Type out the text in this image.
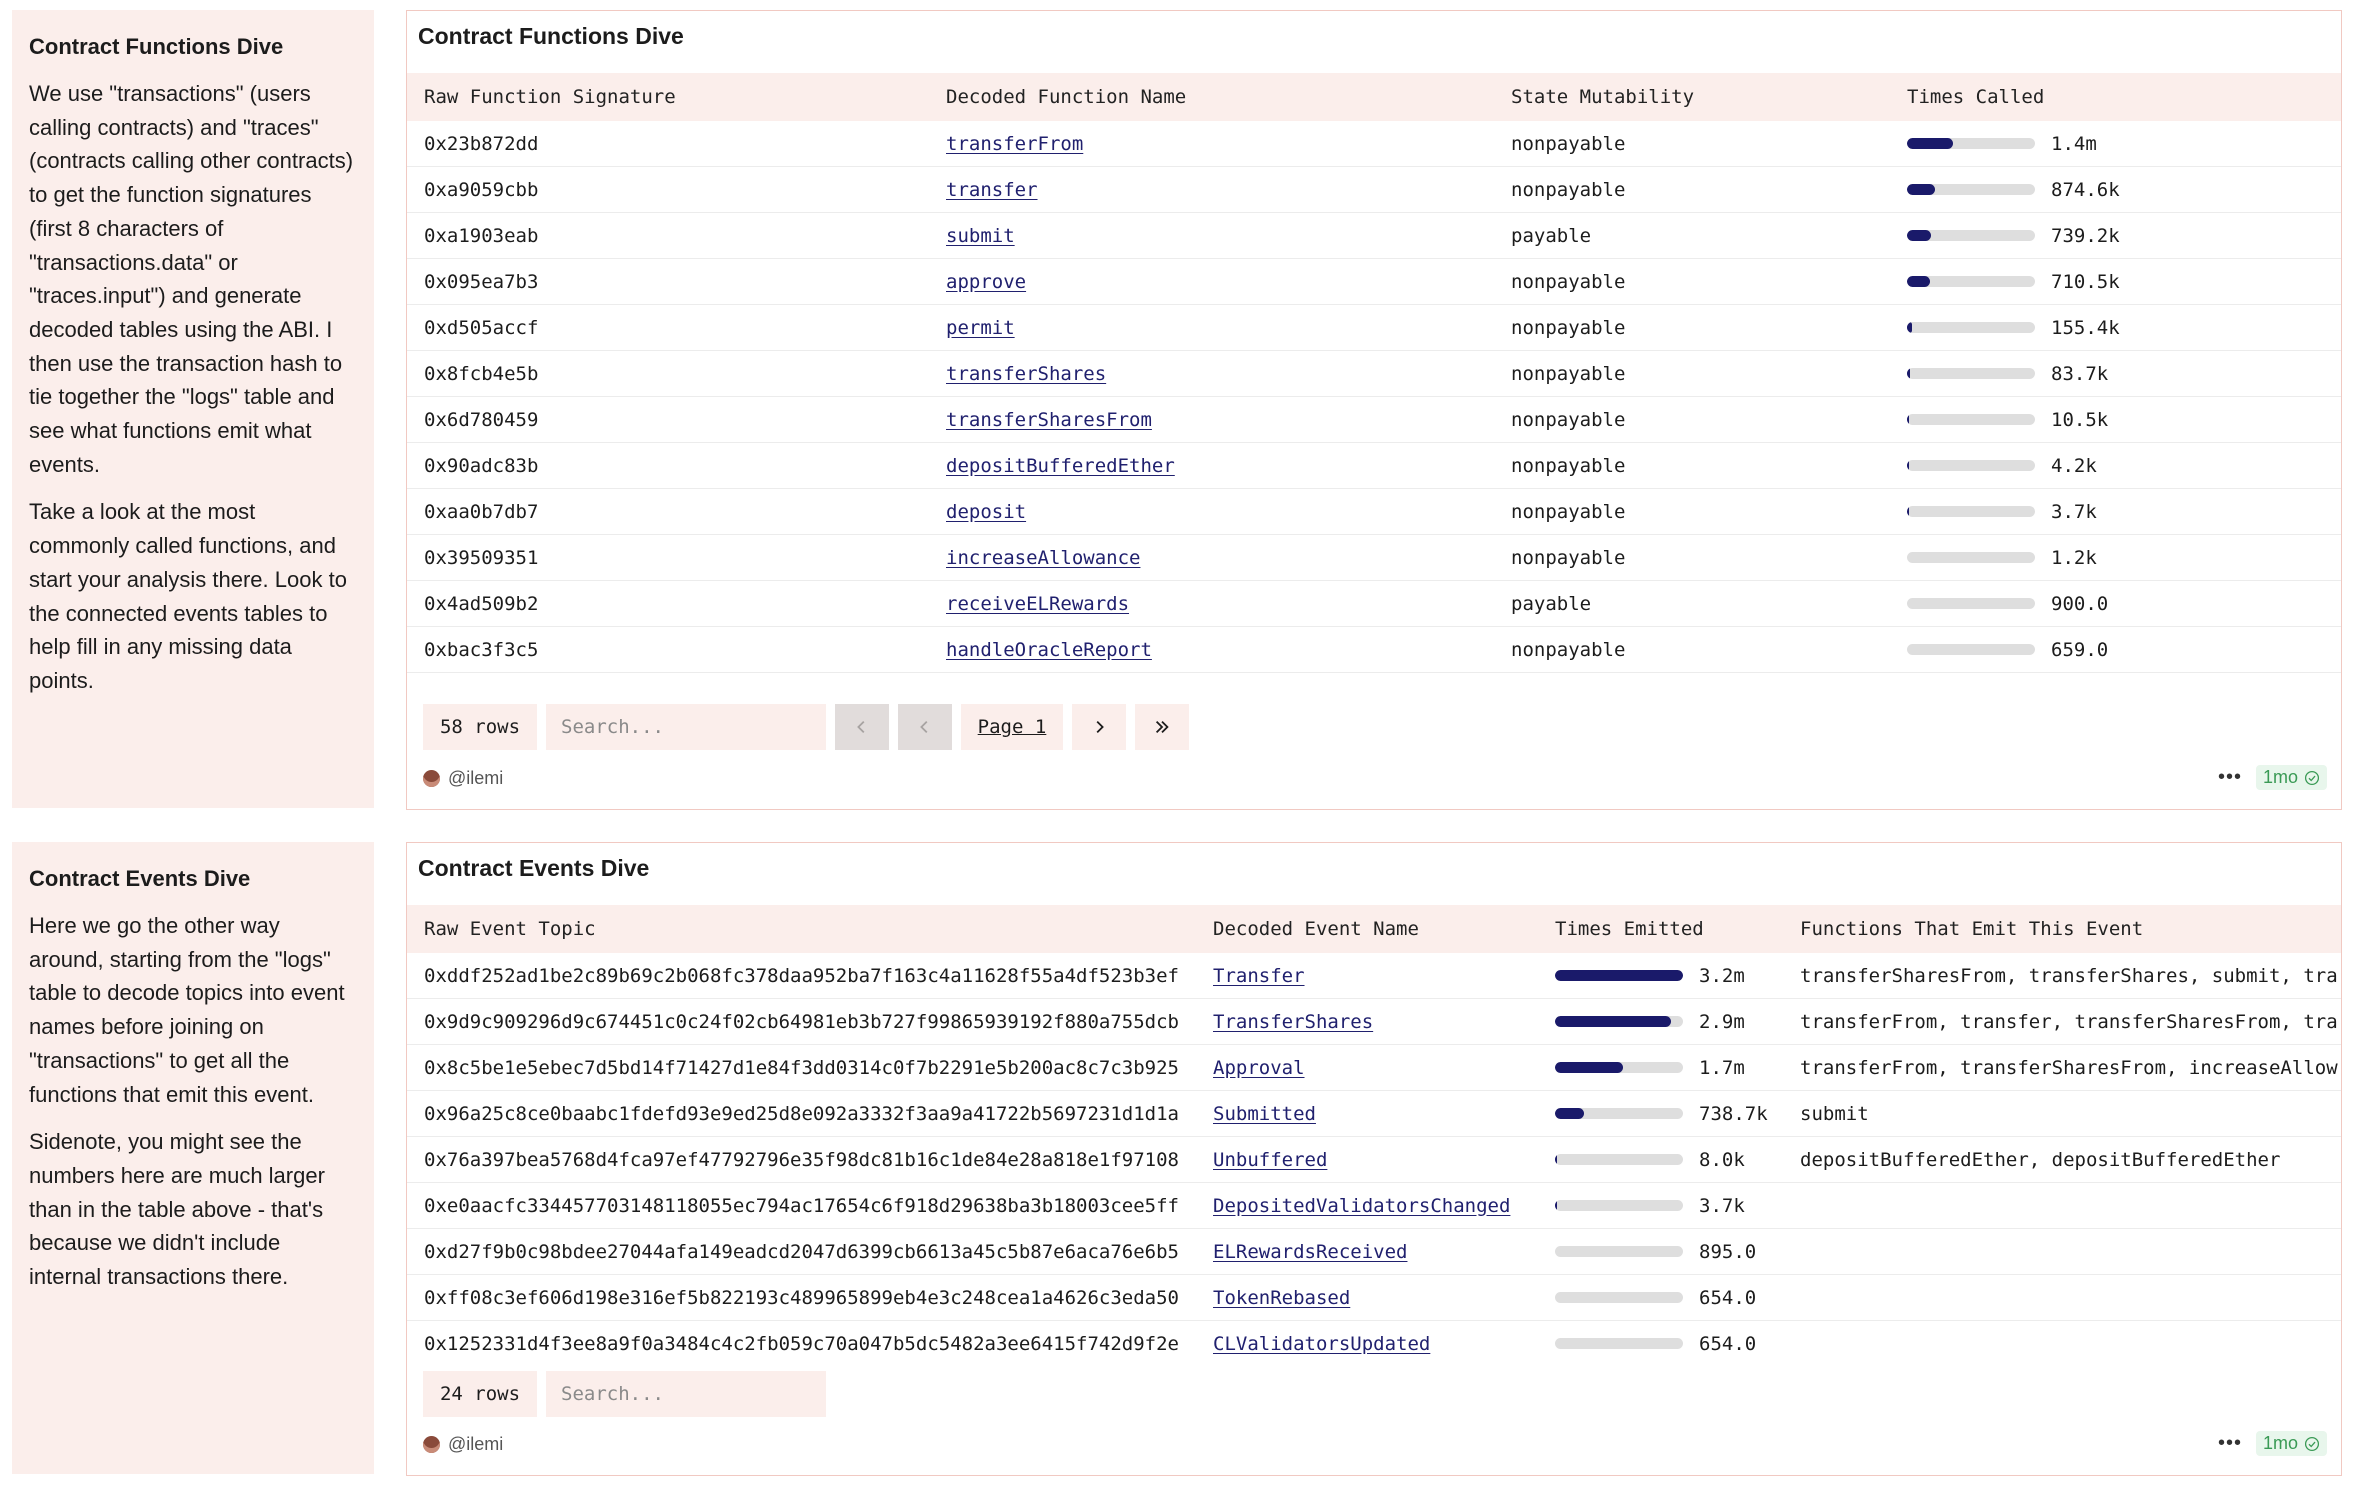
Contract Functions Dive

We use "transactions" (users calling contracts) and "traces" (contracts calling other contracts) to get the function signatures (first 8 characters of "transactions.data" or "traces.input") and generate decoded tables using the ABI. I then use the transaction hash to tie together the "logs" table and see what functions emit what events.

Take a look at the most commonly called functions, and start your analysis there. Look to the connected events tables to help fill in any missing data points.

Contract Events Dive

Here we go the other way around, starting from the "logs" table to decode topics into event names before joining on "transactions" to get all the functions that emit this event.

Sidenote, you might see the numbers here are much larger than in the table above - that's because we didn't include internal transactions there.

Contract Functions Dive
Raw Function Signature	Decoded Function Name	State Mutability	Times Called
0x23b872dd	transferFrom	nonpayable	1.4m

0xa9059cbb	transfer	nonpayable	874.6k

0xa1903eab	submit	payable	739.2k

0x095ea7b3	approve	nonpayable	710.5k

0xd505accf	permit	nonpayable	155.4k

0x8fcb4e5b	transferShares	nonpayable	83.7k

0x6d780459	transferSharesFrom	nonpayable	10.5k

0x90adc83b	depositBufferedEther	nonpayable	4.2k

0xaa0b7db7	deposit	nonpayable	3.7k

0x39509351	increaseAllowance	nonpayable	1.2k

0x4ad509b2	receiveELRewards	payable	900.0

0xbac3f3c5	handleOracleReport	nonpayable	659.0
58 rows	Search...	Page 1
@ilemi	••• 1mo
Contract Events Dive
Raw Event Topic	Decoded Event Name	Times Emitted	Functions That Emit This Event
0xddf252ad1be2c89b69c2b068fc378daa952ba7f163c4a11628f55a4df523b3ef	Transfer	3.2m	transferSharesFrom, transferShares, submit, tra
0x9d9c909296d9c674451c0c24f02cb64981eb3b727f99865939192f880a755dcb	TransferShares	2.9m	transferFrom, transfer, transferSharesFrom, tra
0x8c5be1e5ebec7d5bd14f71427d1e84f3dd0314c0f7b2291e5b200ac8c7c3b925	Approval	1.7m	transferFrom, transferSharesFrom, increaseAllow
0x96a25c8ce0baabc1fdefd93e9ed25d8e092a3332f3aa9a41722b5697231d1d1a	Submitted	738.7k	submit
0x76a397bea5768d4fca97ef47792796e35f98dc81b16c1de84e28a818e1f97108	Unbuffered	8.0k	depositBufferedEther, depositBufferedEther
0xe0aacfc334457703148118055ec794ac17654c6f918d29638ba3b18003cee5ff	DepositedValidatorsChanged	3.7k	

0xd27f9b0c98bdee27044afa149eadcd2047d6399cb6613a45c5b87e6aca76e6b5	ELRewardsReceived	895.0	

0xff08c3ef606d198e316ef5b822193c489965899eb4e3c248cea1a4626c3eda50	TokenRebased	654.0	

0x1252331d4f3ee8a9f0a3484c4c2fb059c70a047b5dc5482a3ee6415f742d9f2e	CLValidatorsUpdated	654.0	

24 rows	Search...
@ilemi	••• 1mo
